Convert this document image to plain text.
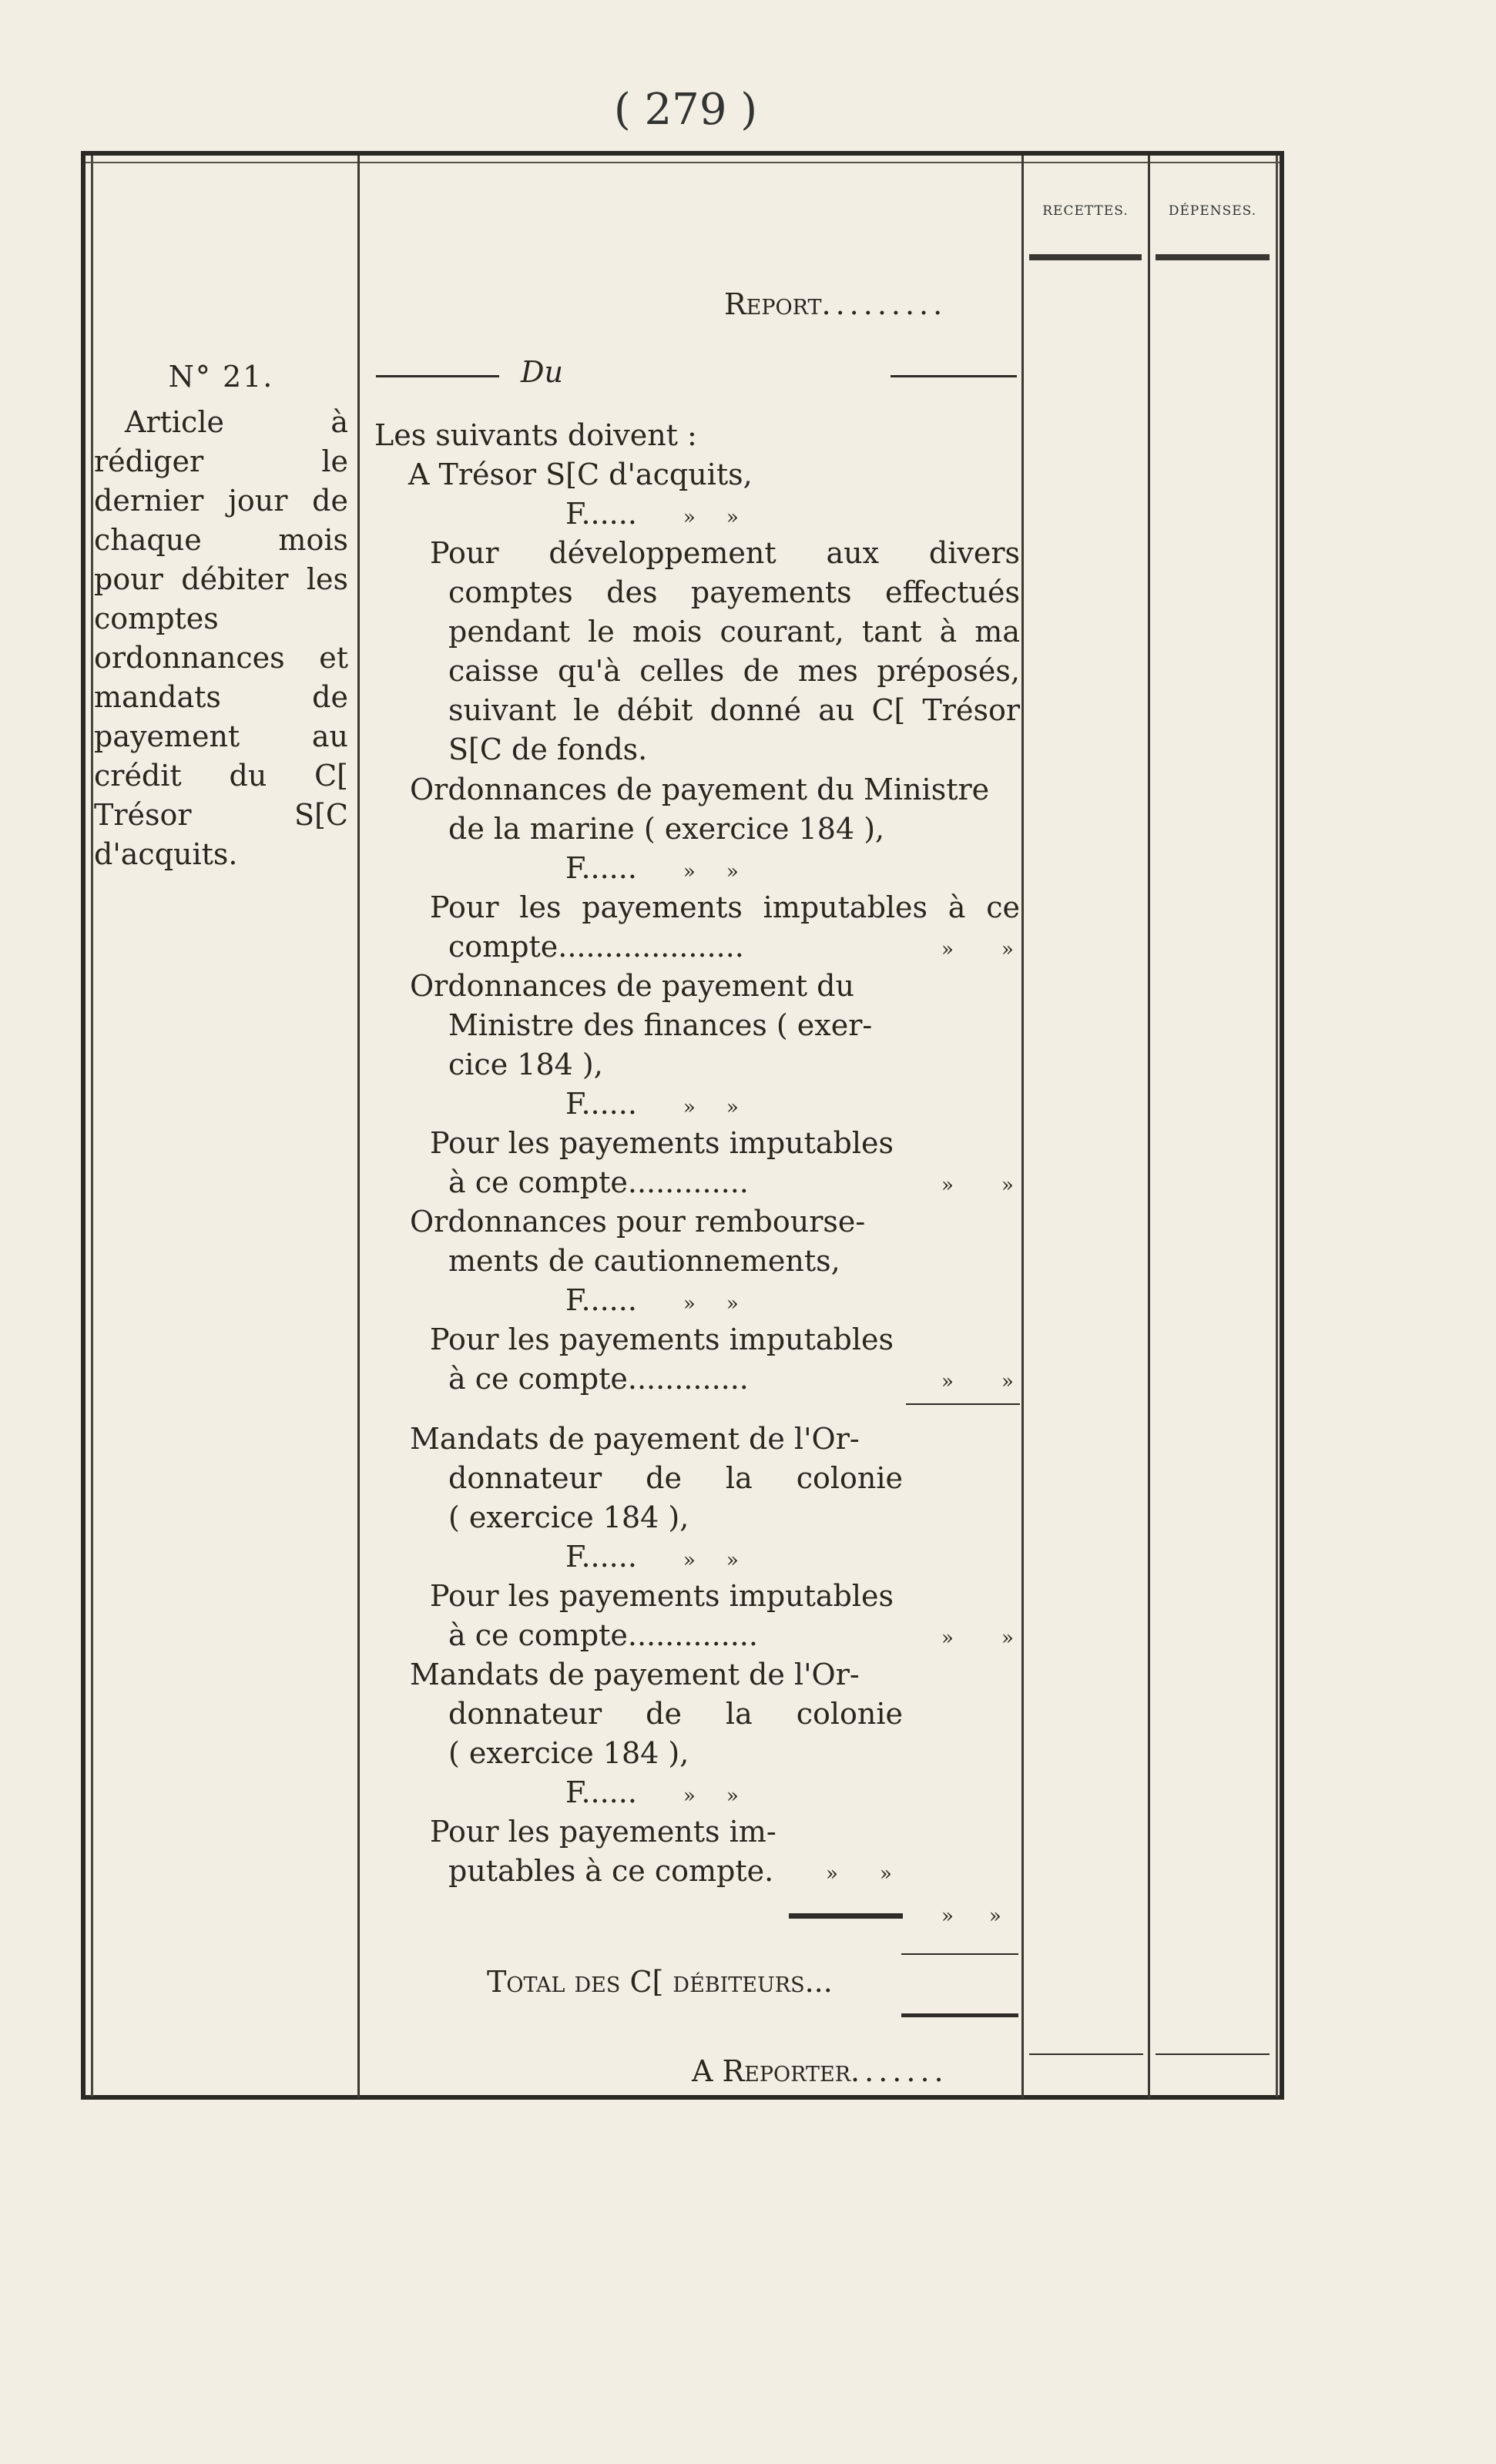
( 279 )
RECETTES.	DÉPENSES.
Report.........

N° 21.

Article à rédiger le dernier jour de chaque mois pour débiter les comptes ordonnances et mandats de payement au crédit du C[ Trésor S[C d'acquits.

Du
Les suivants doivent :
A Trésor S[C d'acquits,
F...... » »
Pour développement aux divers
comptes des payements effectués
pendant le mois courant, tant à ma
caisse qu'à celles de mes préposés,
suivant le débit donné au C[ Trésor
S[C de fonds.
Ordonnances de payement du Ministre
de la marine ( exercice 184 ),
F...... » »
Pour les payements imputables à ce
compte....................	» »
Ordonnances de payement du
Ministre des finances ( exer-
cice 184 ),
F...... » »
Pour les payements imputables
à ce compte.............	» »
Ordonnances pour rembourse-
ments de cautionnements,
F...... » »
Pour les payements imputables
à ce compte.............	» »
Mandats de payement de l'Or-
donnateur de la colonie
( exercice 184 ),
F...... » »
Pour les payements imputables
à ce compte..............	» »
Mandats de payement de l'Or-
donnateur de la colonie
( exercice 184 ),
F...... » »
Pour les payements im-
putables à ce compte.	» »
» »
Total des C[ débiteurs...
A Reporter.......
